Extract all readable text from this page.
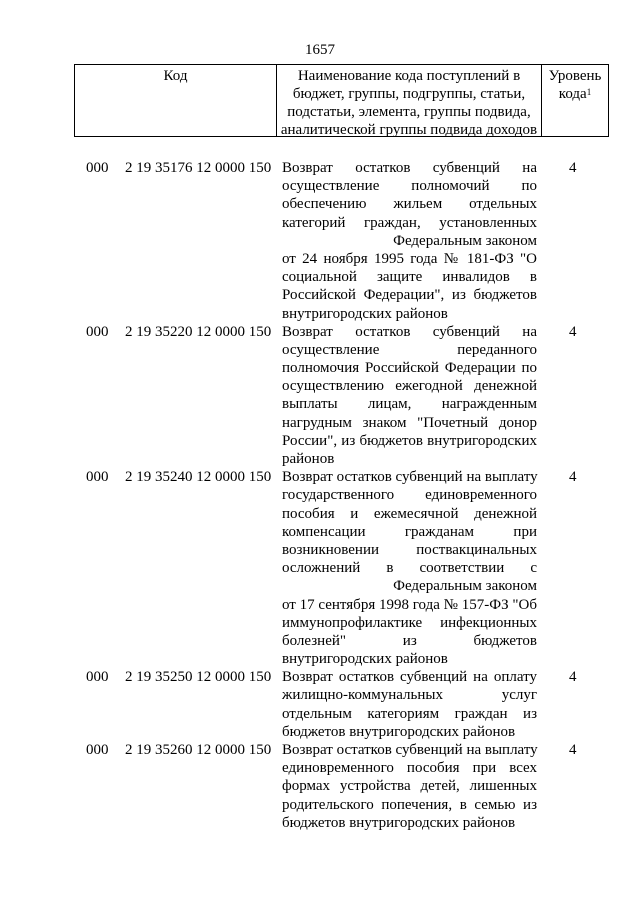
1657
Код	Наименование кода поступлений в
бюджет, группы, подгруппы, статьи,
подстатьи, элемента, группы подвида,
аналитической группы подвида доходов
Уровень
кода$^1$
000 2 19 35176 12 0000 150 Возврат остатков субвенций на
осуществление полномочий по
обеспечению жильем отдельных
категорий граждан, установленных
Федеральным законом
от 24 ноября 1995 года № 181-ФЗ "О
социальной защите инвалидов в
Российской Федерации", из бюджетов
внутригородских районов
4
000 2 19 35220 12 0000 150 Возврат остатков субвенций на
осуществление переданного
полномочия Российской Федерации по
осуществлению ежегодной денежной
выплаты лицам, награжденным
нагрудным знаком "Почетный донор
России", из бюджетов внутригородских
районов
4
000 2 19 35240 12 0000 150 Возврат остатков субвенций на выплату
государственного единовременного
пособия и ежемесячной денежной
компенсации гражданам при
возникновении поствакцинальных
осложнений в соответствии с
Федеральным законом
от 17 сентября 1998 года № 157-ФЗ "Об
иммунопрофилактике инфекционных
болезней" из бюджетов
внутригородских районов
4
000 2 19 35250 12 0000 150 Возврат остатков субвенций на оплату
жилищно-коммунальных услуг
отдельным категориям граждан из
бюджетов внутригородских районов
4
000 2 19 35260 12 0000 150 Возврат остатков субвенций на выплату
единовременного пособия при всех
формах устройства детей, лишенных
родительского попечения, в семью из
бюджетов внутригородских районов
4
